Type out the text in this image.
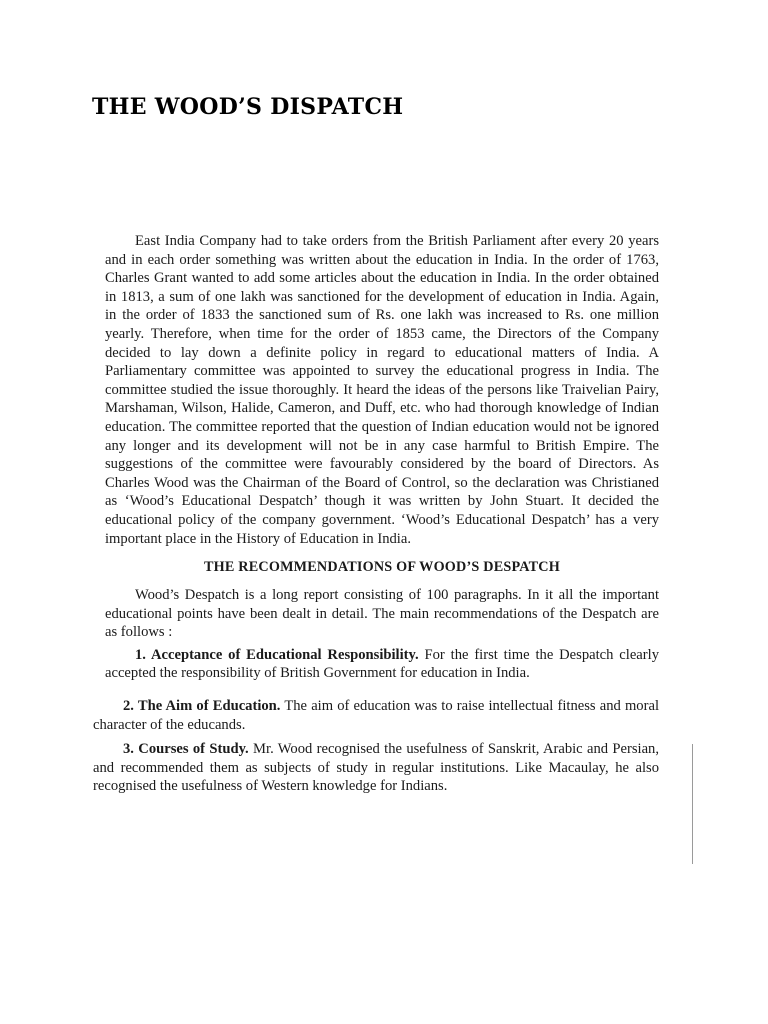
THE WOOD’S DISPATCH

East India Company had to take orders from the British Parliament after every 20 years and in each order something was written about the education in India. In the order of 1763, Charles Grant wanted to add some articles about the education in India. In the order obtained in 1813, a sum of one lakh was sanctioned for the development of education in India. Again, in the order of 1833 the sanctioned sum of Rs. one lakh was increased to Rs. one million yearly. Therefore, when time for the order of 1853 came, the Directors of the Company decided to lay down a definite policy in regard to educational matters of India. A Parliamentary committee was appointed to survey the educational progress in India. The committee studied the issue thoroughly. It heard the ideas of the persons like Traivelian Pairy, Marshaman, Wilson, Halide, Cameron, and Duff, etc. who had thorough knowledge of Indian education. The committee reported that the question of Indian education would not be ignored any longer and its development will not be in any case harmful to British Empire. The suggestions of the committee were favourably considered by the board of Directors. As Charles Wood was the Chairman of the Board of Control, so the declaration was Christianed as ‘Wood’s Educational Despatch’ though it was written by John Stuart. It decided the educational policy of the company government. ‘Wood’s Educational Despatch’ has a very important place in the History of Education in India.

THE RECOMMENDATIONS OF WOOD’S DESPATCH

Wood’s Despatch is a long report consisting of 100 paragraphs. In it all the important educational points have been dealt in detail. The main recommendations of the Despatch are as follows :

1. Acceptance of Educational Responsibility. For the first time the Despatch clearly accepted the responsibility of British Government for education in India.

2. The Aim of Education. The aim of education was to raise intellectual fitness and moral character of the educands.

3. Courses of Study. Mr. Wood recognised the usefulness of Sanskrit, Arabic and Persian, and recommended them as subjects of study in regular institutions. Like Macaulay, he also recognised the usefulness of Western knowledge for Indians.
